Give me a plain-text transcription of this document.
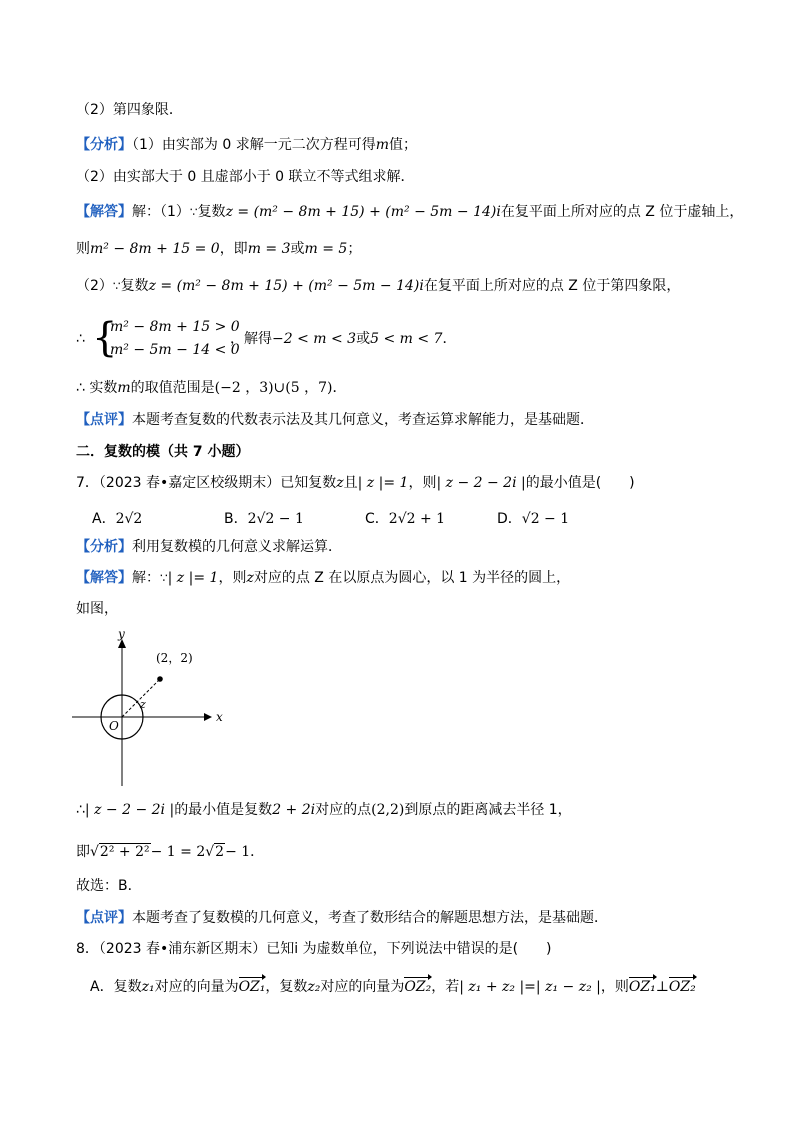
（2）第四象限．
【分析】（1）由实部为 0 求解一元二次方程可得m值；
（2）由实部大于 0 且虚部小于 0 联立不等式组求解．
【解答】解：（1）∵复数z = (m² − 8m + 15) + (m² − 5m − 14)i在复平面上所对应的点 Z 位于虚轴上，
则m² − 8m + 15 = 0，即m = 3或m = 5；
（2）∵复数z = (m² − 8m + 15) + (m² − 5m − 14)i在复平面上所对应的点 Z 位于第四象限，
∴ {
m² − 8m + 15 > 0
m² − 5m − 14 < 0
，解得−2 < m < 3或5 < m < 7．
∴ 实数m的取值范围是(−2 ，3)∪(5 ，7)．
【点评】本题考查复数的代数表示法及其几何意义，考查运算求解能力，是基础题．
二．复数的模（共 7 小题）
7．（2023 春•嘉定区校级期末）已知复数z且| z |= 1，则| z − 2 − 2i |的最小值是(　　)
A．2√2	B．2√2 − 1	C．2√2 + 1	D．√2 − 1
【分析】利用复数模的几何意义求解运算．
【解答】解：∵| z |= 1，则z对应的点 Z 在以原点为圆心，以 1 为半径的圆上，
如图，
x
y
O
z
(2，2)
∴| z − 2 − 2i |的最小值是复数2 + 2i对应的点(2,2)到原点的距离减去半径 1，
即√2² + 2²− 1 = 2√2− 1．
故选：B．
【点评】本题考查了复数模的几何意义，考查了数形结合的解题思想方法，是基础题．
8．（2023 春•浦东新区期末）已知i 为虚数单位，下列说法中错误的是(　　)
A．复数z₁对应的向量为OZ₁，复数z₂对应的向量为OZ₂，若| z₁ + z₂ |=| z₁ − z₂ |，则OZ₁⊥OZ₂
